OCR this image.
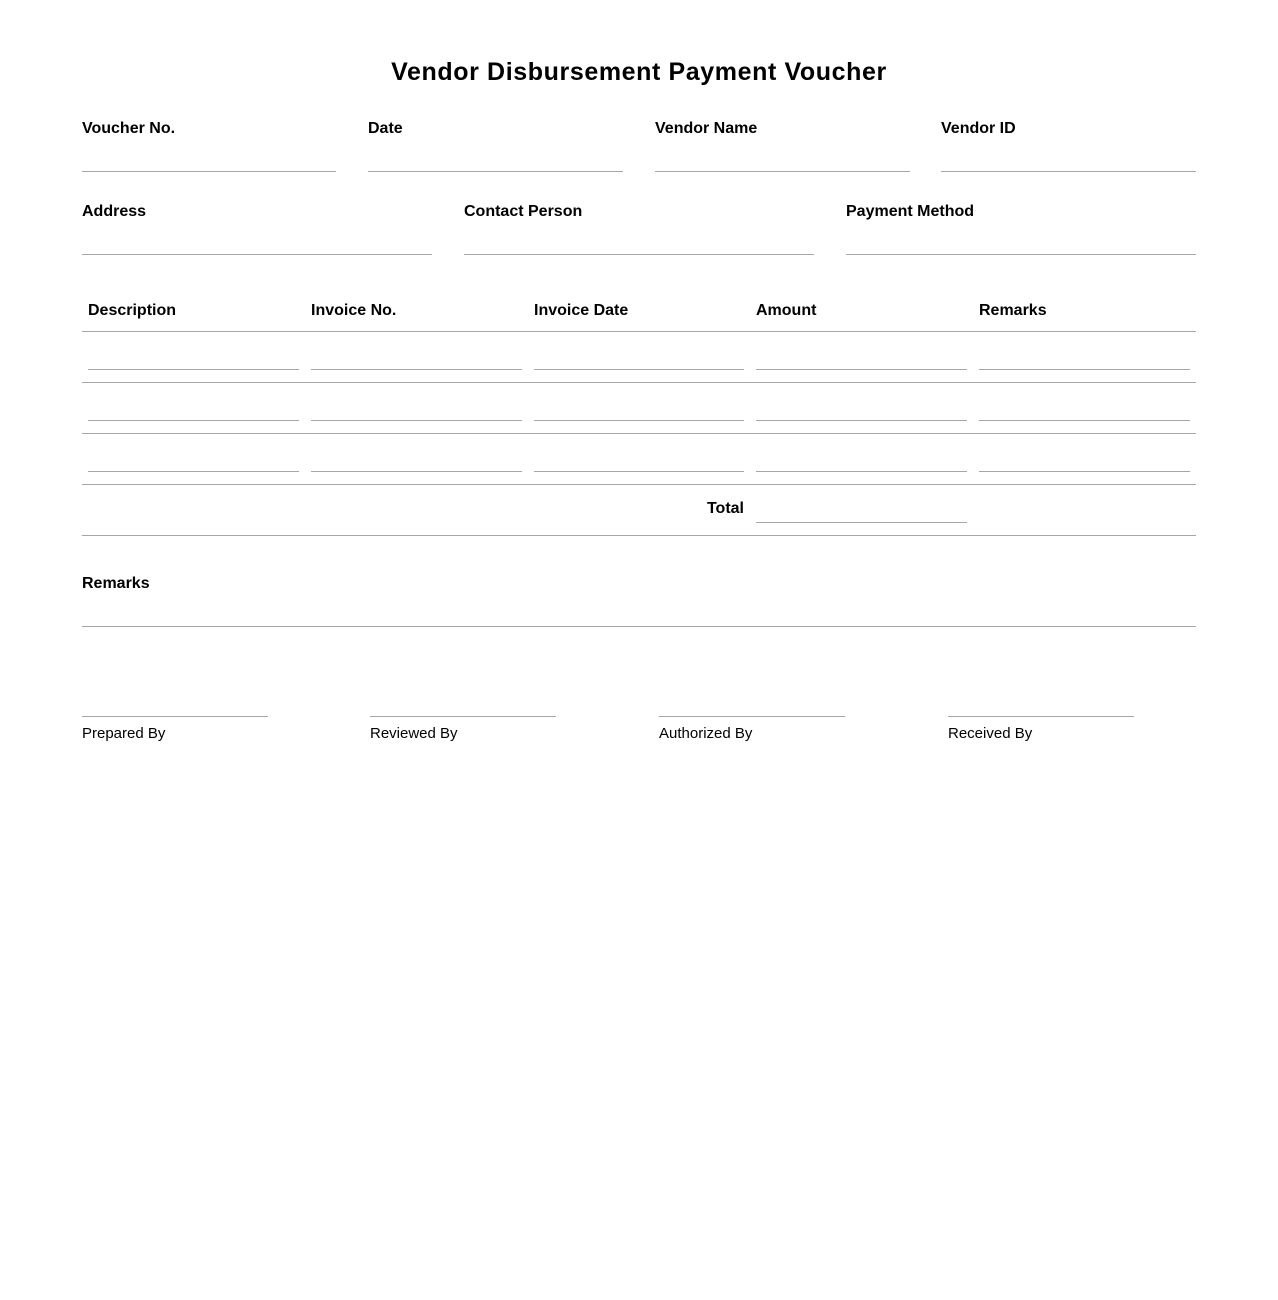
Vendor Disbursement Payment Voucher
Voucher No.	Date	Vendor Name	Vendor ID
Address	Contact Person	Payment Method
Description	Invoice No.	Invoice Date	Amount	Remarks
Total
Remarks
Prepared By	Reviewed By	Authorized By	Received By
